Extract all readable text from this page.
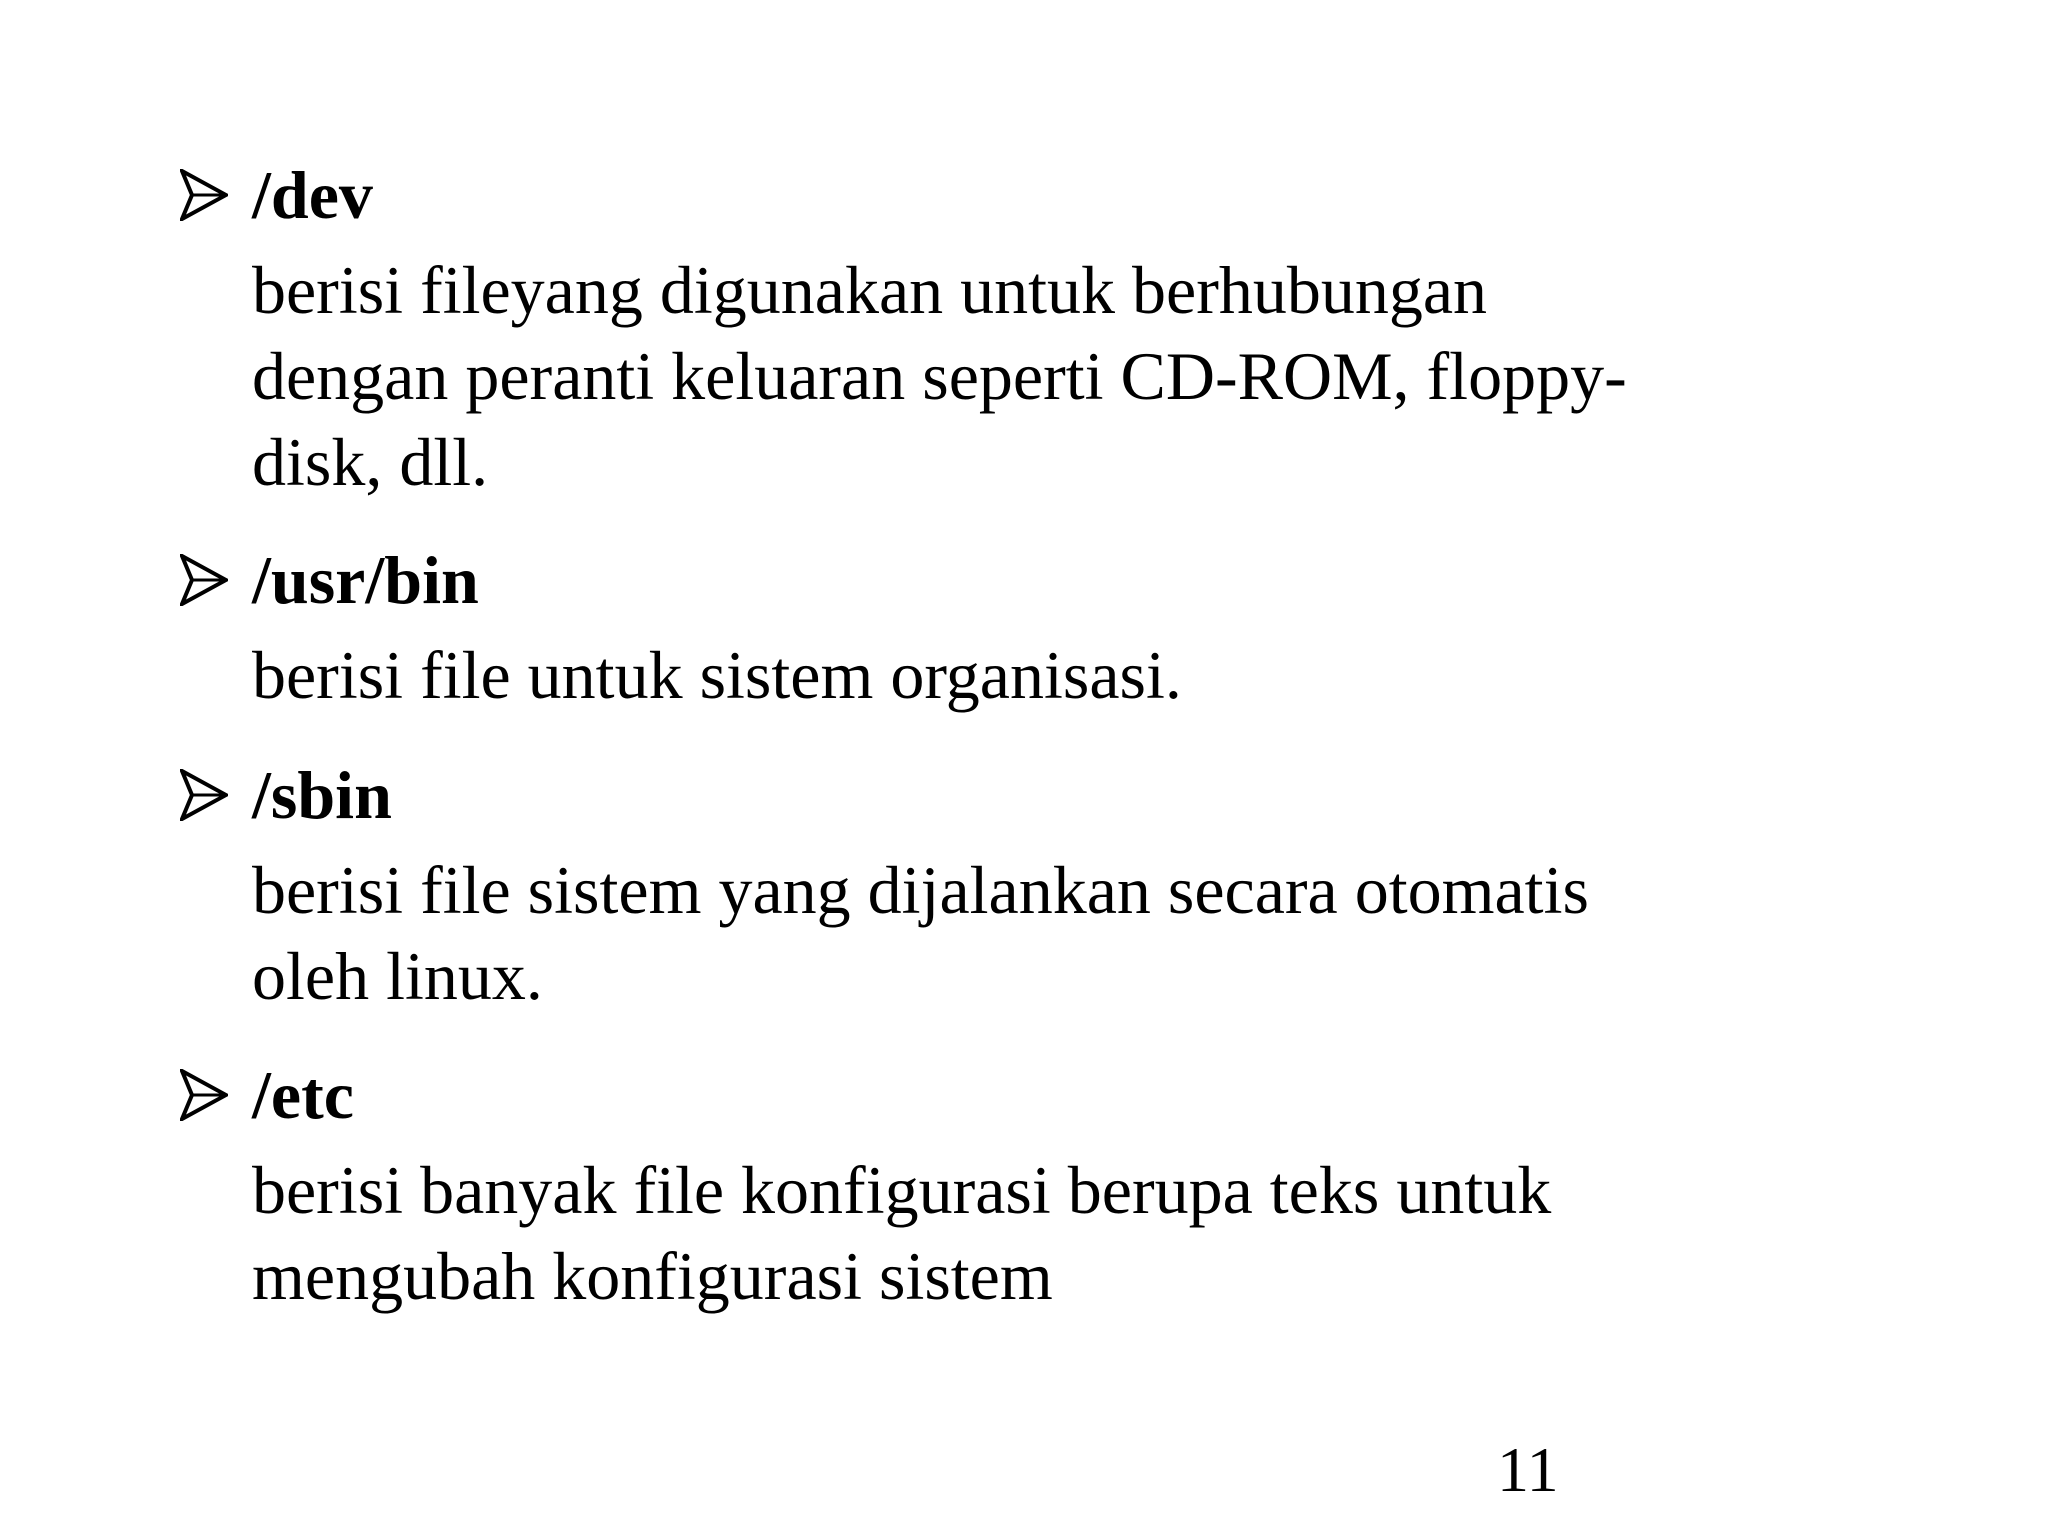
/dev
berisi fileyang digunakan untuk berhubungan
dengan peranti keluaran seperti CD-ROM, floppy-
disk, dll.
/usr/bin
berisi file untuk sistem organisasi.
/sbin
berisi file sistem yang dijalankan secara otomatis
oleh linux.
/etc
berisi banyak file konfigurasi berupa teks untuk
mengubah konfigurasi sistem
11
